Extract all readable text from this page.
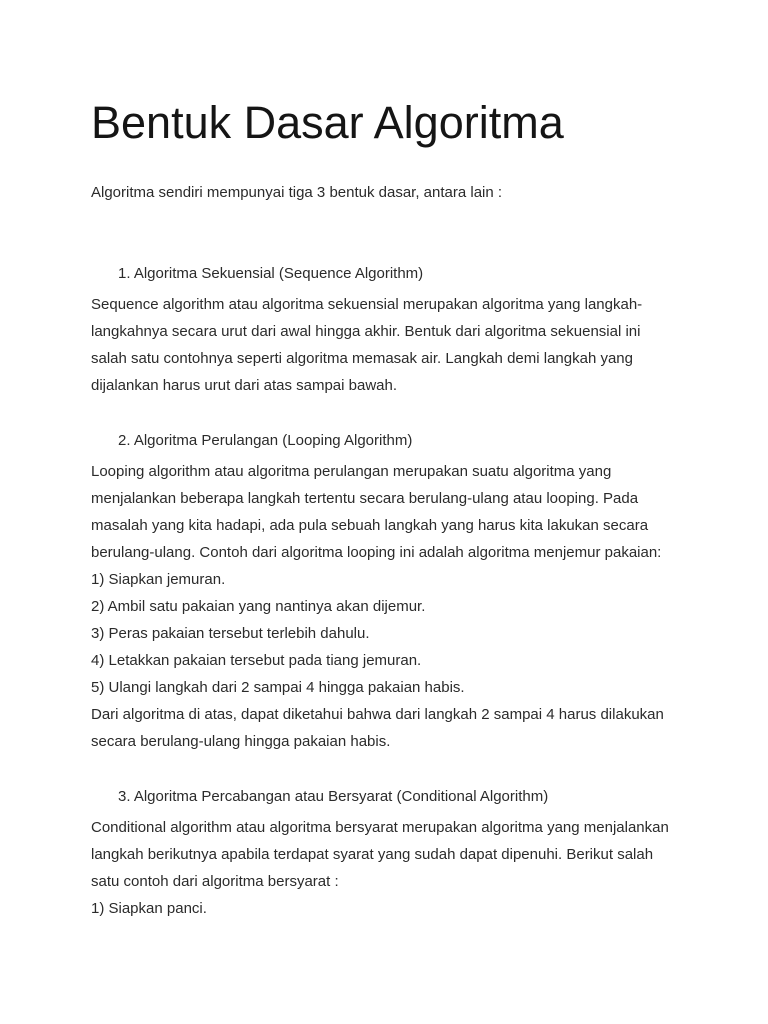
Bentuk Dasar Algoritma
Algoritma sendiri mempunyai tiga 3 bentuk dasar, antara lain :
1. Algoritma Sekuensial (Sequence Algorithm)
Sequence algorithm atau algoritma sekuensial merupakan algoritma yang langkah-
langkahnya secara urut dari awal hingga akhir. Bentuk dari algoritma sekuensial ini
salah satu contohnya seperti algoritma memasak air. Langkah demi langkah yang
dijalankan harus urut dari atas sampai bawah.
2. Algoritma Perulangan (Looping Algorithm)
Looping algorithm atau algoritma perulangan merupakan suatu algoritma yang
menjalankan beberapa langkah tertentu secara berulang-ulang atau looping. Pada
masalah yang kita hadapi, ada pula sebuah langkah yang harus kita lakukan secara
berulang-ulang. Contoh dari algoritma looping ini adalah algoritma menjemur pakaian:
1) Siapkan jemuran.
2) Ambil satu pakaian yang nantinya akan dijemur.
3) Peras pakaian tersebut terlebih dahulu.
4) Letakkan pakaian tersebut pada tiang jemuran.
5) Ulangi langkah dari 2 sampai 4 hingga pakaian habis.
Dari algoritma di atas, dapat diketahui bahwa dari langkah 2 sampai 4 harus dilakukan
secara berulang-ulang hingga pakaian habis.
3. Algoritma Percabangan atau Bersyarat (Conditional Algorithm)
Conditional algorithm atau algoritma bersyarat merupakan algoritma yang menjalankan
langkah berikutnya apabila terdapat syarat yang sudah dapat dipenuhi. Berikut salah
satu contoh dari algoritma bersyarat :
1) Siapkan panci.
